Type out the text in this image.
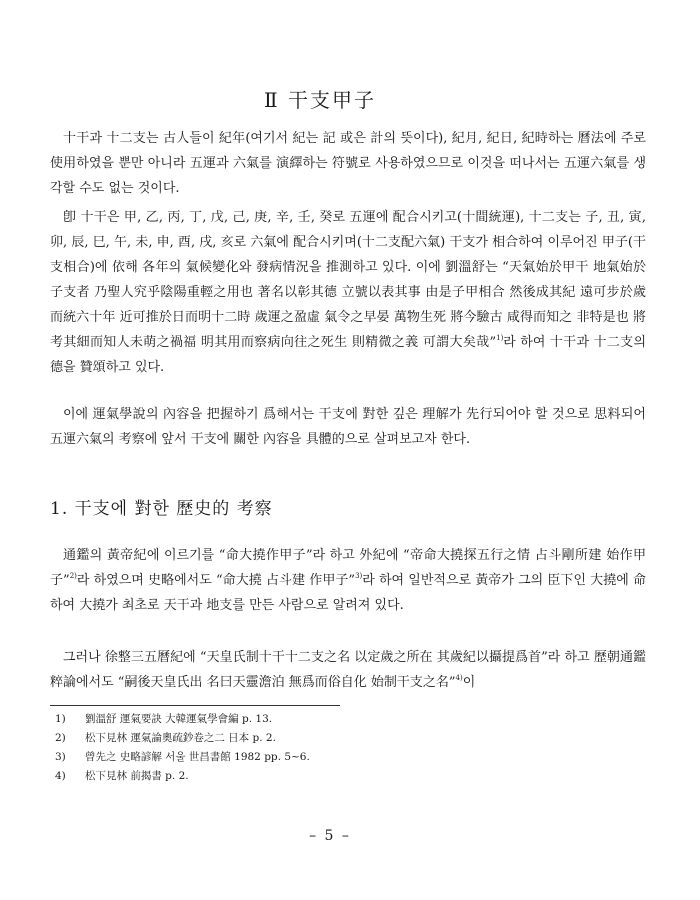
Ⅱ 干支甲子

十干과 十二支는 古人들이 紀年(여기서 紀는 記 或은 計의 뜻이다), 紀月, 紀日, 紀時하는 曆法에 주로 使用하였을 뿐만 아니라 五運과 六氣를 演繹하는 符號로 사용하였으므로 이것을 떠나서는 五運六氣를 생각할 수도 없는 것이다.

卽 十干은 甲, 乙, 丙, 丁, 戊, 己, 庚, 辛, 壬, 癸로 五運에 配合시키고(十間統運), 十二支는 子, 丑, 寅, 卯, 辰, 巳, 午, 未, 申, 酉, 戌, 亥로 六氣에 配合시키며(十二支配六氣) 干支가 相合하여 이루어진 甲子(干支相合)에 依해 各年의 氣候變化와 發病情況을 推測하고 있다. 이에 劉溫舒는 “天氣始於甲干 地氣始於子支者 乃聖人究乎陰陽重輕之用也 著名以彰其德 立號以表其事 由是子甲相合 然後成其紀 遠可步於歲而統六十年 近可推於日而明十二時 歲運之盈虛 氣令之早晏 萬物生死 將今驗古 咸得而知之 非特是也 將考其細而知人未萌之禍福 明其用而察病向往之死生 則精微之義 可謂大矣哉”$^{1)}$라 하여 十干과 十二支의 德을 贊頌하고 있다.

이에 運氣學說의 內容을 把握하기 爲해서는 干支에 對한 깊은 理解가 先行되어야 할 것으로 思料되어 五運六氣의 考察에 앞서 干支에 關한 內容을 具體的으로 살펴보고자 한다.

1. 干支에 對한 歷史的 考察

通鑑의 黃帝紀에 이르기를 “命大撓作甲子”라 하고 外紀에 “帝命大撓探五行之情 占斗剛所建 始作甲子”$^{2)}$라 하였으며 史略에서도 “命大撓 占斗建 作甲子”$^{3)}$라 하여 일반적으로 黃帝가 그의 臣下인 大撓에 命하여 大撓가 최초로 天干과 地支를 만든 사람으로 알려져 있다.

그러나 徐整三五曆紀에 “天皇氏制十干十二支之名 以定歲之所在 其歲紀以攝提爲首”라 하고 歷朝通鑑粹論에서도 “嗣後天皇氏出 名曰天靈澹泊 無爲而俗自化 始制干支之名”$^{4)}$이

1) 劉溫舒 運氣要訣 大韓運氣學會編 p. 13.
2) 松下見林 運氣論奧疏鈔卷之二 日本 p. 2.
3) 曾先之 史略諺解 서울 世昌書館 1982 pp. 5~6.
4) 松下見林 前揭書 p. 2.
– 5 –
